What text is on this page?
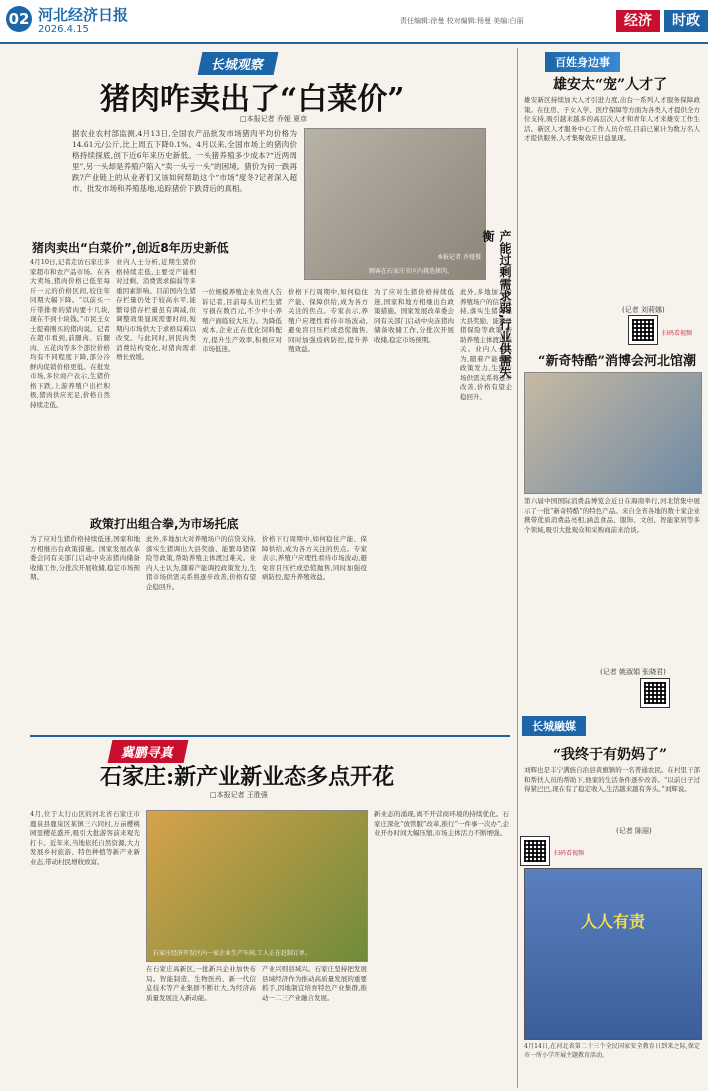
02 河北经济日报
2026.4.15
责任编辑:徐曼 校对编辑:杨曼 美编:白丽	经济	时政
长城观察
猪肉咋卖出了“白菜价”
□本报记者 乔娅 夏彦
据农业农村部监测,4月13日,全国农产品批发市场猪肉平均价格为14.61元/公斤,比上周五下降0.1%。4月以来,全国市场上的猪肉价格持续探底,创下近6年来历史新低。一头猪养殖多少成本?“近两周里”,另一头却是养殖户陷入“卖一头亏一头”的困境。猪价为何一跌再跌?产业链上的从业者们又该如何帮助这个“市场”度冬?记者深入超市、批发市场和养殖基地,追踪猪价下跌背后的真相。
顾客在石家庄市区内挑选猪肉。
本报记者 乔娅摄
猪肉卖出“白菜价”,创近8年历史新低
4月10日,记者走访石家庄多家超市和农产品市场。在各大卖场,猪肉价格已低至每斤一元的价格区间,较往年同期大幅下降。“以前买一斤带排骨的猪肉要十几块,现在不到十块钱。”市民王女士提着刚买的猪肉说。记者在超市看到,前腿肉、后腿肉、五花肉等多个部位价格均有不同程度下降,部分冷鲜肉促销价格更低。在批发市场,多位商户表示,生猪价格下跌,上游养殖户出栏积极,猪肉供应充足,价格自然持续走低。
业内人士分析,近期生猪价格持续走低,主要受产能相对过剩、消费需求偏弱等多重因素影响。目前国内生猪存栏量仍处于较高水平,能繁母猪存栏量虽有调减,但调整效果显现需要时间,短期内市场供大于求格局难以改变。与此同时,居民肉类消费结构变化,对猪肉需求增长放缓。
一位规模养殖企业负责人告诉记者,目前每头出栏生猪亏损在数百元,不少中小养殖户面临较大压力。为降低成本,企业正在优化饲料配方,提升生产效率,积极应对市场低迷。
价格下行周期中,如何稳住产能、保障供给,成为各方关注的焦点。专家表示,养殖户应理性看待市场波动,避免盲目压栏或恐慌抛售,同时加强疫病防控,提升养殖效益。
为了应对生猪价格持续低迷,国家和地方相继出台政策措施。国家发展改革委会同有关部门启动中央冻猪肉储备收储工作,分批次开展收储,稳定市场预期。
此外,多地加大对养殖场户的信贷支持,落实生猪调出大县奖励、能繁母猪保险等政策,帮助养殖主体渡过难关。业内人士认为,随着产能调控政策发力,生猪市场供需关系将逐步改善,价格有望企稳回升。
产能过剩需求弱,行业供需失衡
政策打出组合拳,为市场托底
为了应对生猪价格持续低迷,国家和地方相继出台政策措施。国家发展改革委会同有关部门启动中央冻猪肉储备收储工作,分批次开展收储,稳定市场预期。
此外,多地加大对养殖场户的信贷支持,落实生猪调出大县奖励、能繁母猪保险等政策,帮助养殖主体渡过难关。业内人士认为,随着产能调控政策发力,生猪市场供需关系将逐步改善,价格有望企稳回升。
价格下行周期中,如何稳住产能、保障供给,成为各方关注的焦点。专家表示,养殖户应理性看待市场波动,避免盲目压栏或恐慌抛售,同时加强疫病防控,提升养殖效益。
冀鹏寻真
石家庄:新产业新业态多点开花
□本报记者 王胜强
4月,位于太行山区的河北省石家庄市鹿泉县鹿泉区某镇三六同村,万亩樱桃园里樱花盛开,吸引大批游客前来观光打卡。近年来,当地依托自然资源,大力发展乡村旅游、特色种植等新产业新业态,带动村民增收致富。
石家庄经济开发区内一家企业生产车间,工人正在赶制订单。
在石家庄高新区,一批新兴企业加快布局。智能制造、生物医药、新一代信息技术等产业集群不断壮大,为经济高质量发展注入新动能。
产业兴则县域兴。石家庄坚持把发展县域经济作为推动高质量发展的重要抓手,因地制宜培育特色产业集群,推动一二三产业融合发展。
新业态的涌现,离不开营商环境的持续优化。石家庄深化“放管服”改革,推行“一件事一次办”,企业开办时间大幅压缩,市场主体活力不断增强。
百姓身边事
雄安太“宠”人才了
雄安新区持续加大人才引进力度,出台一系列人才服务保障政策。在住房、子女入学、医疗保障等方面为各类人才提供全方位支持,吸引越来越多的高层次人才和青年人才来雄安工作生活。新区人才服务中心工作人员介绍,目前已累计为数万名人才提供服务,人才集聚效应日益显现。
(记者 刘莉娜)
扫码看视频
“新奇特酷”消博会河北馆潮
第六届中国国际消费品博览会近日在海南举行,河北馆集中展示了一批“新奇特酷”的特色产品。来自全省各地的数十家企业携带优质消费品亮相,涵盖食品、服饰、文创、智能家居等多个领域,吸引大批观众和采购商前来洽谈。
(记者 姚淑娟 张晓君)
长城融媒
“我终于有奶妈了”
刘辉也是丰宁满族自治县黄旗镇的一名普通农民。在村里干部和帮扶人员的帮助下,他家的生活条件逐步改善。“以前日子过得紧巴巴,现在有了稳定收入,生活越来越有奔头。”刘辉说。
(记者 陈丽)
扫码看视频
人人有责
4月14日,在河北省第二十三个全民国家安全教育日到来之际,保定市一所小学开展主题教育活动。
